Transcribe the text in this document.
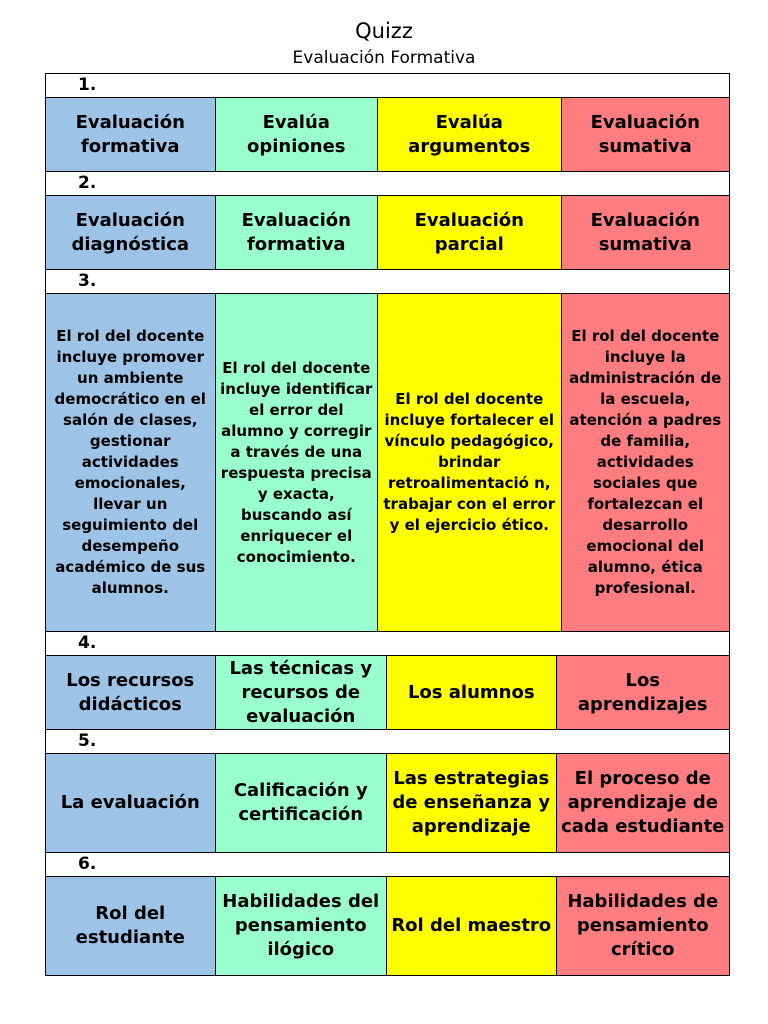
Quizz
Evaluación Formativa
1.
Evaluación formativa
Evalúa opiniones
Evalúa argumentos
Evaluación sumativa
2.
Evaluación diagnóstica
Evaluación formativa
Evaluación parcial
Evaluación sumativa
3.
El rol del docente incluye promover un ambiente democrático en el salón de clases, gestionar actividades emocionales, llevar un seguimiento del desempeño académico de sus alumnos.
El rol del docente incluye identificar el error del alumno y corregir a través de una respuesta precisa y exacta, buscando así enriquecer el conocimiento.
El rol del docente incluye fortalecer el vínculo pedagógico, brindar retroalimentació n, trabajar con el error y el ejercicio ético.
El rol del docente incluye la administración de la escuela, atención a padres de familia, actividades sociales que fortalezcan el desarrollo emocional del alumno, ética profesional.
4.
Los recursos didácticos
Las técnicas y recursos de evaluación
Los alumnos
Los aprendizajes
5.
La evaluación
Calificación y certificación
Las estrategias de enseñanza y aprendizaje
El proceso de aprendizaje de cada estudiante
6.
Rol del estudiante
Habilidades del pensamiento ilógico
Rol del maestro
Habilidades de pensamiento crítico
